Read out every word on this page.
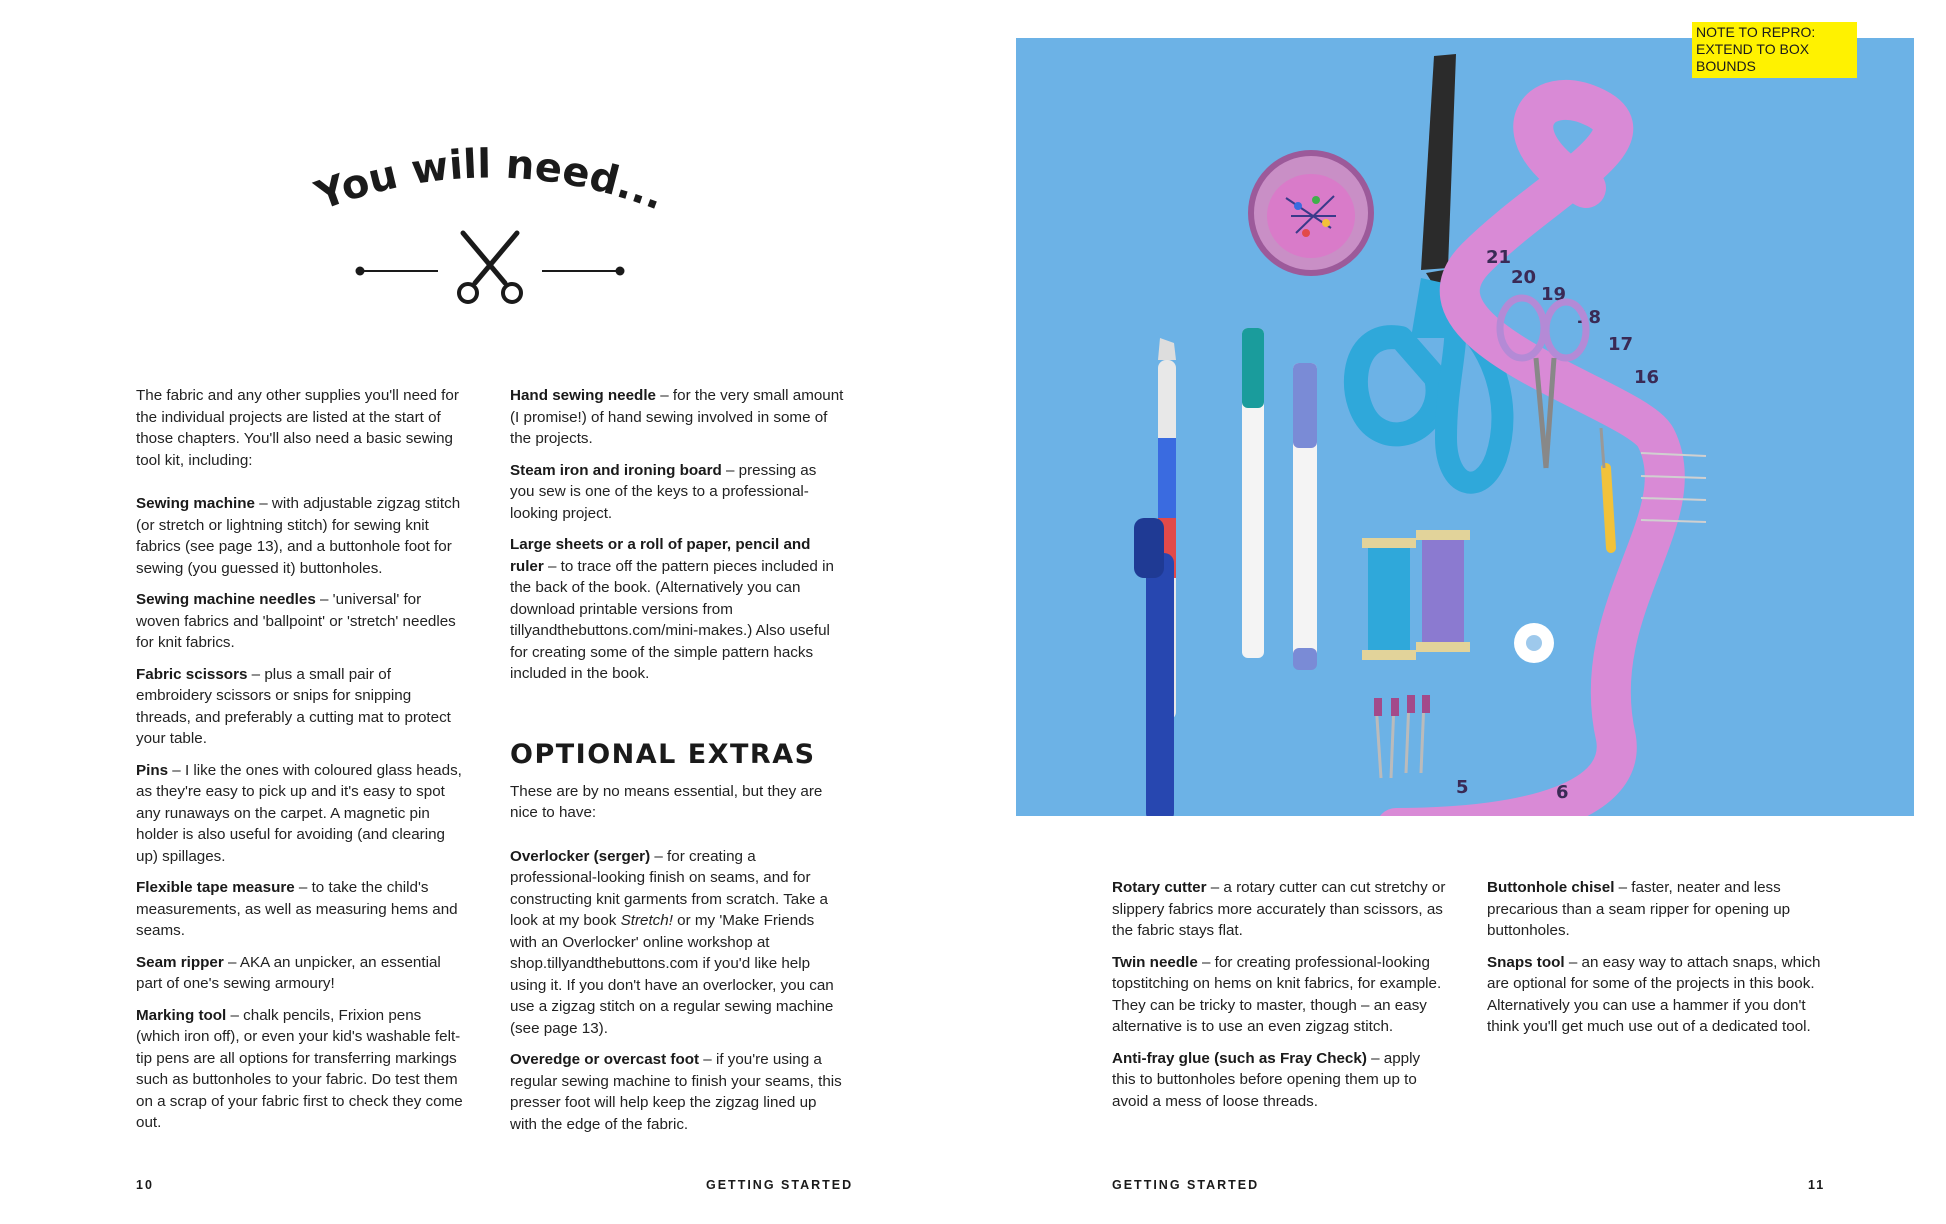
You will need...

The fabric and any other supplies you'll need for the individual projects are listed at the start of those chapters. You'll also need a basic sewing tool kit, including:

Sewing machine – with adjustable zigzag stitch (or stretch or lightning stitch) for sewing knit fabrics (see page 13), and a buttonhole foot for sewing (you guessed it) buttonholes.

Sewing machine needles – 'universal' for woven fabrics and 'ballpoint' or 'stretch' needles for knit fabrics.

Fabric scissors – plus a small pair of embroidery scissors or snips for snipping threads, and preferably a cutting mat to protect your table.

Pins – I like the ones with coloured glass heads, as they're easy to pick up and it's easy to spot any runaways on the carpet. A magnetic pin holder is also useful for avoiding (and clearing up) spillages.

Flexible tape measure – to take the child's measurements, as well as measuring hems and seams.

Seam ripper – AKA an unpicker, an essential part of one's sewing armoury!

Marking tool – chalk pencils, Frixion pens (which iron off), or even your kid's washable felt-tip pens are all options for transferring markings such as buttonholes to your fabric. Do test them on a scrap of your fabric first to check they come out.

Hand sewing needle – for the very small amount (I promise!) of hand sewing involved in some of the projects.

Steam iron and ironing board – pressing as you sew is one of the keys to a professional-looking project.

Large sheets or a roll of paper, pencil and ruler – to trace off the pattern pieces included in the back of the book. (Alternatively you can download printable versions from tillyandthebuttons.com/mini-makes.) Also useful for creating some of the simple pattern hacks included in the book.

OPTIONAL EXTRAS

These are by no means essential, but they are nice to have:

Overlocker (serger) – for creating a professional-looking finish on seams, and for constructing knit garments from scratch. Take a look at my book Stretch! or my 'Make Friends with an Overlocker' online workshop at shop.tillyandthebuttons.com if you'd like help using it. If you don't have an overlocker, you can use a zigzag stitch on a regular sewing machine (see page 13).

Overedge or overcast foot – if you're using a regular sewing machine to finish your seams, this presser foot will help keep the zigzag lined up with the edge of the fabric.

10	GETTING STARTED
21
20
19
18
17
16
5	6
NOTE TO REPRO: EXTEND TO BOX BOUNDS

Rotary cutter – a rotary cutter can cut stretchy or slippery fabrics more accurately than scissors, as the fabric stays flat.

Twin needle – for creating professional-looking topstitching on hems on knit fabrics, for example. They can be tricky to master, though – an easy alternative is to use an even zigzag stitch.

Anti-fray glue (such as Fray Check) – apply this to buttonholes before opening them up to avoid a mess of loose threads.

Buttonhole chisel – faster, neater and less precarious than a seam ripper for opening up buttonholes.

Snaps tool – an easy way to attach snaps, which are optional for some of the projects in this book. Alternatively you can use a hammer if you don't think you'll get much use out of a dedicated tool.

GETTING STARTED	11
